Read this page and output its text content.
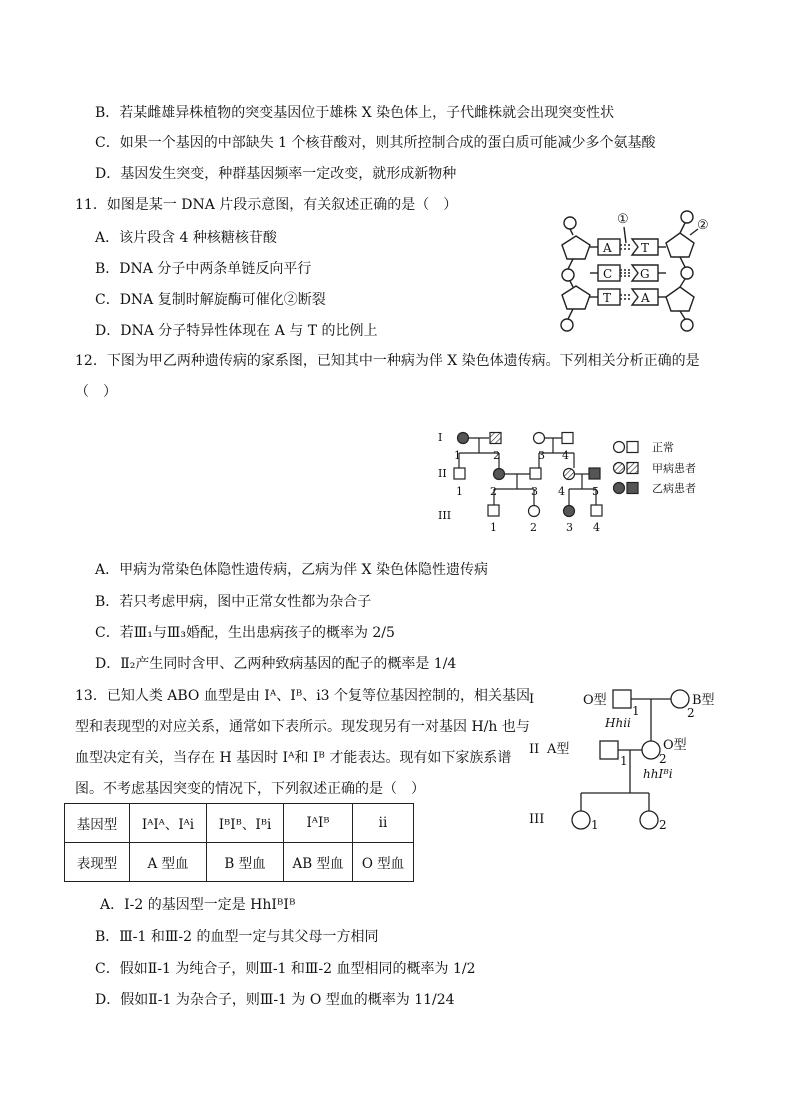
B．若某雌雄异株植物的突变基因位于雄株 X 染色体上，子代雌株就会出现突变性状
C．如果一个基因的中部缺失 1 个核苷酸对，则其所控制合成的蛋白质可能减少多个氨基酸
D．基因发生突变，种群基因频率一定改变，就形成新物种
11．如图是某一 DNA 片段示意图，有关叙述正确的是（　）
A．该片段含 4 种核糖核苷酸
B．DNA 分子中两条单链反向平行
C．DNA 复制时解旋酶可催化②断裂
D．DNA 分子特异性体现在 A 与 T 的比例上
A T
C G
T A
①	②
12．下图为甲乙两种遗传病的家系图，已知其中一种病为伴 X 染色体遗传病。下列相关分析正确的是
（　）
I
II
III
1	2	3 4
1 2	3 4 5
1	2	3 4
正常
甲病患者
乙病患者
A．甲病为常染色体隐性遗传病，乙病为伴 X 染色体隐性遗传病
B．若只考虑甲病，图中正常女性都为杂合子
C．若Ⅲ₁与Ⅲ₃婚配，生出患病孩子的概率为 2/5
D．Ⅱ₂产生同时含甲、乙两种致病基因的配子的概率是 1/4
13．已知人类 ABO 血型是由 Iᴬ、Iᴮ、i3 个复等位基因控制的，相关基因
型和表现型的对应关系，通常如下表所示。现发现另有一对基因 H/h 也与
血型决定有关，当存在 H 基因时 Iᴬ和 Iᴮ 才能表达。现有如下家族系谱
图。不考虑基因突变的情况下，下列叙述正确的是（　）
基因型	IᴬIᴬ、Iᴬi	IᴮIᴮ、Iᴮi	IᴬIᴮ	ii
表现型	A 型血	B 型血	AB 型血	O 型血
I
II
III
O型
1
Hhii
B型
2
A型
1
O型
2
hhIᴮi
1	2
A．I-2 的基因型一定是 HhIᴮIᴮ
B．Ⅲ-1 和Ⅲ-2 的血型一定与其父母一方相同
C．假如Ⅱ-1 为纯合子，则Ⅲ-1 和Ⅲ-2 血型相同的概率为 1/2
D．假如Ⅱ-1 为杂合子，则Ⅲ-1 为 O 型血的概率为 11/24
